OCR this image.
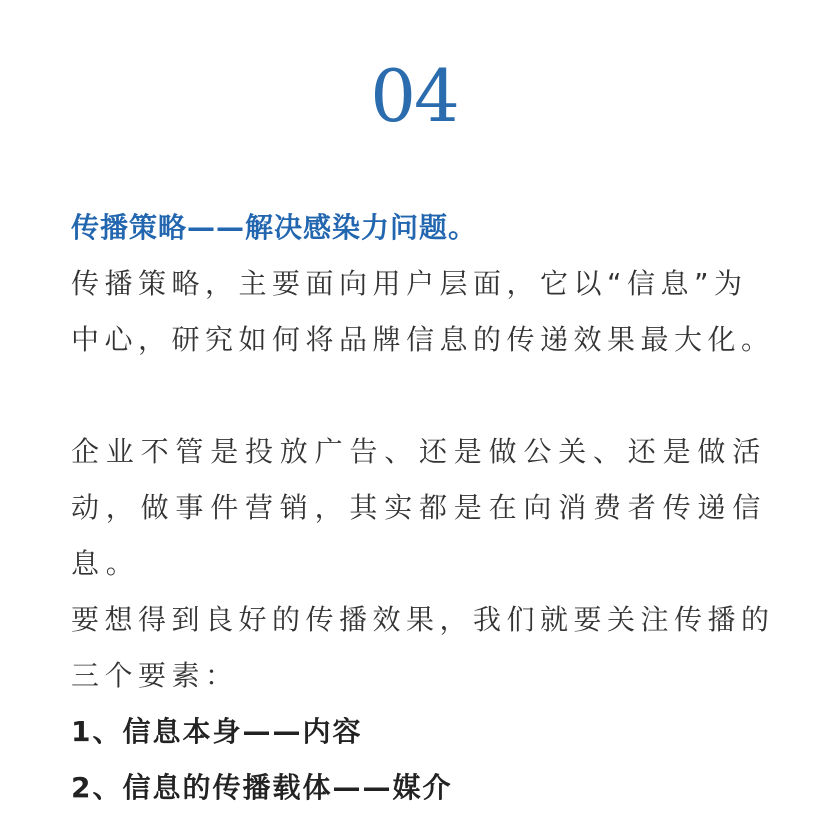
04
传播策略——解决感染力问题。
传播策略，主要面向用户层面，它以“信息”为
中心，研究如何将品牌信息的传递效果最大化。
企业不管是投放广告、还是做公关、还是做活
动，做事件营销，其实都是在向消费者传递信
息。
要想得到良好的传播效果，我们就要关注传播的
三个要素：
1、信息本身——内容
2、信息的传播载体——媒介
